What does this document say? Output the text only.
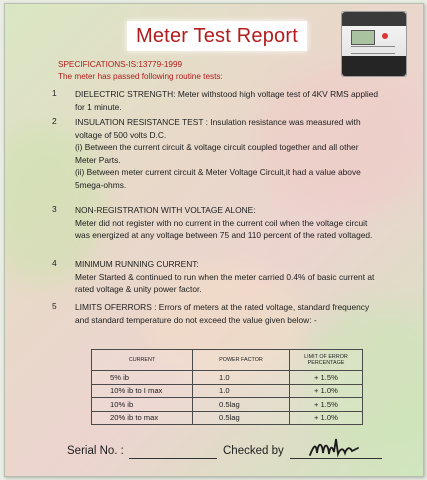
Meter Test Report
SPECIFICATIONS-IS:13779-1999
The meter has passed following routine tests:
1 DIELECTRIC STRENGTH: Meter withstood high voltage test of 4KV RMS applied for 1 minute.

2 INSULATION RESISTANCE TEST : Insulation resistance was measured with voltage of 500 volts D.C.

(i) Between the current circuit & voltage circuit coupled together and all other Meter Parts.

(ii) Between meter current circuit & Meter Voltage Circuit,it had a value above 5mega-ohms.

3 NON-REGISTRATION WITH VOLTAGE ALONE:

Meter did not register with no current in the current coil when the voltage circuit was energized at any voltage between 75 and 110 percent of the rated voltaged.

4 MINIMUM RUNNING CURRENT:

Meter Started & continued to run when the meter carried 0.4% of basic current at rated voltage & unity power factor.

5 LIMITS OFERRORS : Errors of meters at the rated voltage, standard frequency and standard temperature do not exceed the value given below: -

CURRENT	POWER FACTOR	LIMIT OF ERROR PERCENTAGE
5% ib	1.0	+ 1.5%
10% ib to I max	1.0	+ 1.0%
10% ib	0.5lag	+ 1.5%
20% ib to max	0.5lag	+ 1.0%
Serial No. :	Checked by
